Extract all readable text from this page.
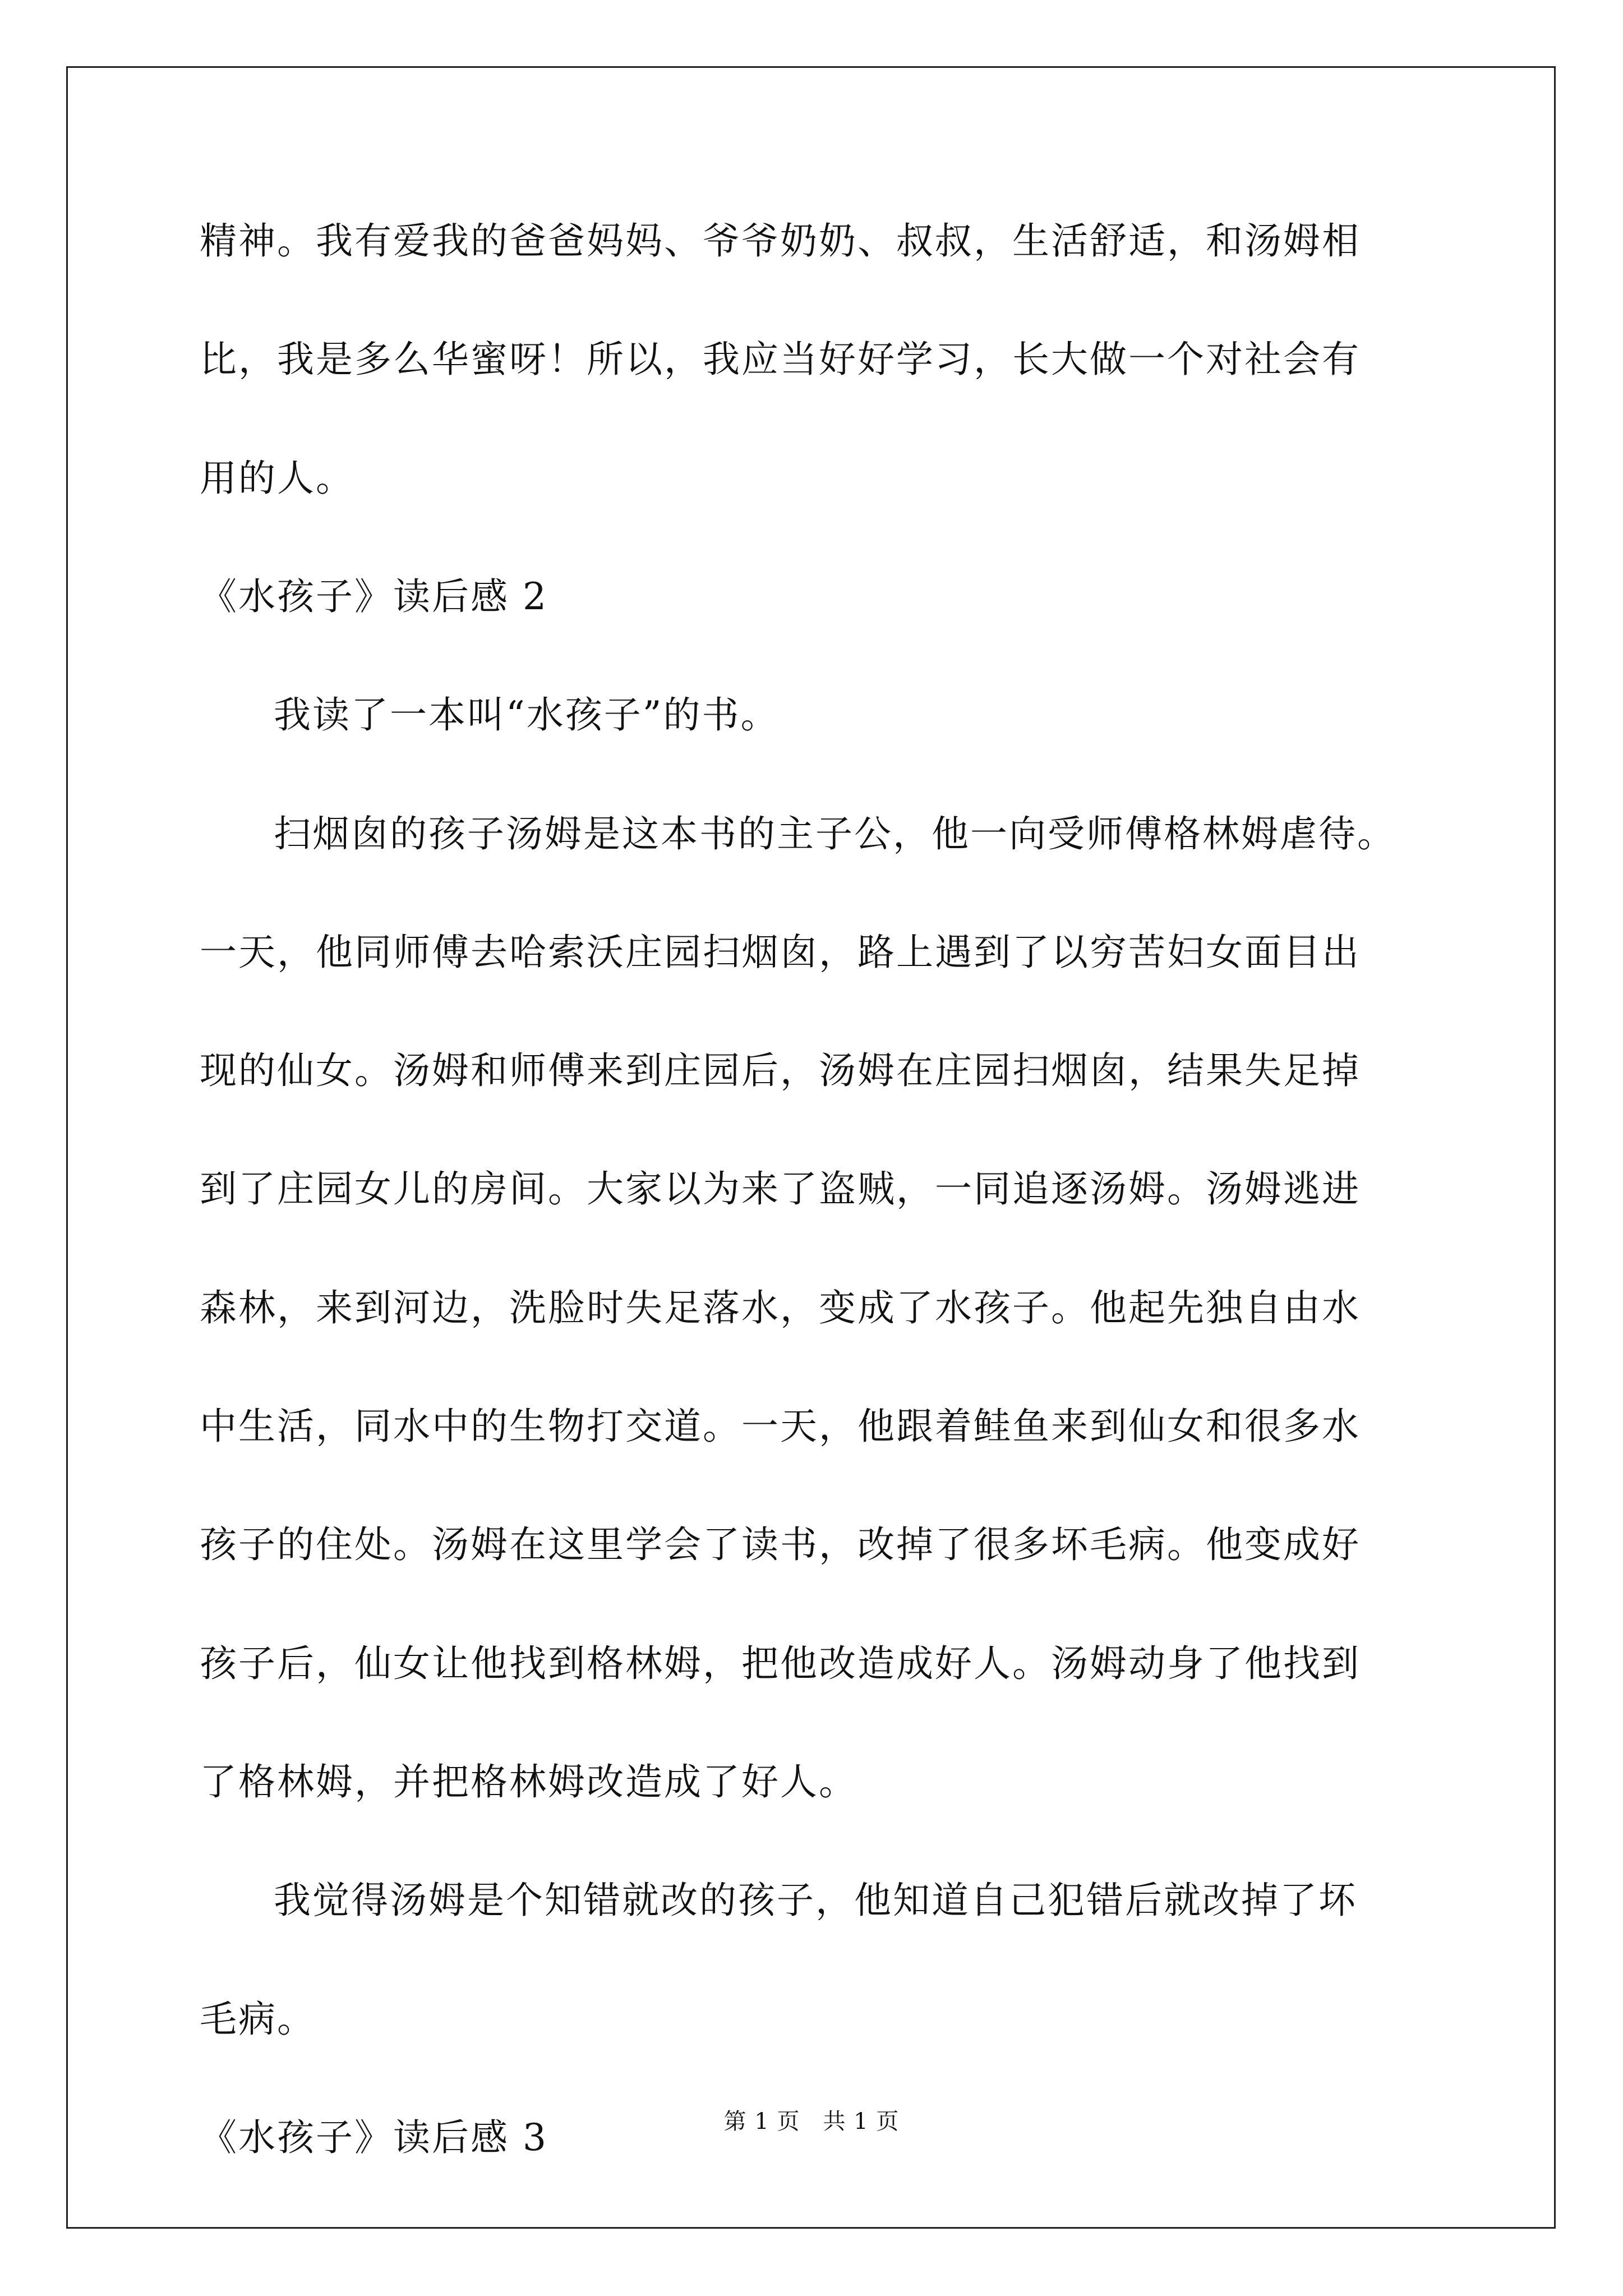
精神。我有爱我的爸爸妈妈、爷爷奶奶、叔叔，生活舒适，和汤姆相
比，我是多么华蜜呀！所以，我应当好好学习，长大做一个对社会有
用的人。
《水孩子》读后感 2
我读了一本叫“水孩子”的书。
扫烟囱的孩子汤姆是这本书的主子公，他一向受师傅格林姆虐待。
一天，他同师傅去哈索沃庄园扫烟囱，路上遇到了以穷苦妇女面目出
现的仙女。汤姆和师傅来到庄园后，汤姆在庄园扫烟囱，结果失足掉
到了庄园女儿的房间。大家以为来了盗贼，一同追逐汤姆。汤姆逃进
森林，来到河边，洗脸时失足落水，变成了水孩子。他起先独自由水
中生活，同水中的生物打交道。一天，他跟着鲑鱼来到仙女和很多水
孩子的住处。汤姆在这里学会了读书，改掉了很多坏毛病。他变成好
孩子后，仙女让他找到格林姆，把他改造成好人。汤姆动身了他找到
了格林姆，并把格林姆改造成了好人。
我觉得汤姆是个知错就改的孩子，他知道自己犯错后就改掉了坏
毛病。
《水孩子》读后感 3	第 1 页　共 1 页
